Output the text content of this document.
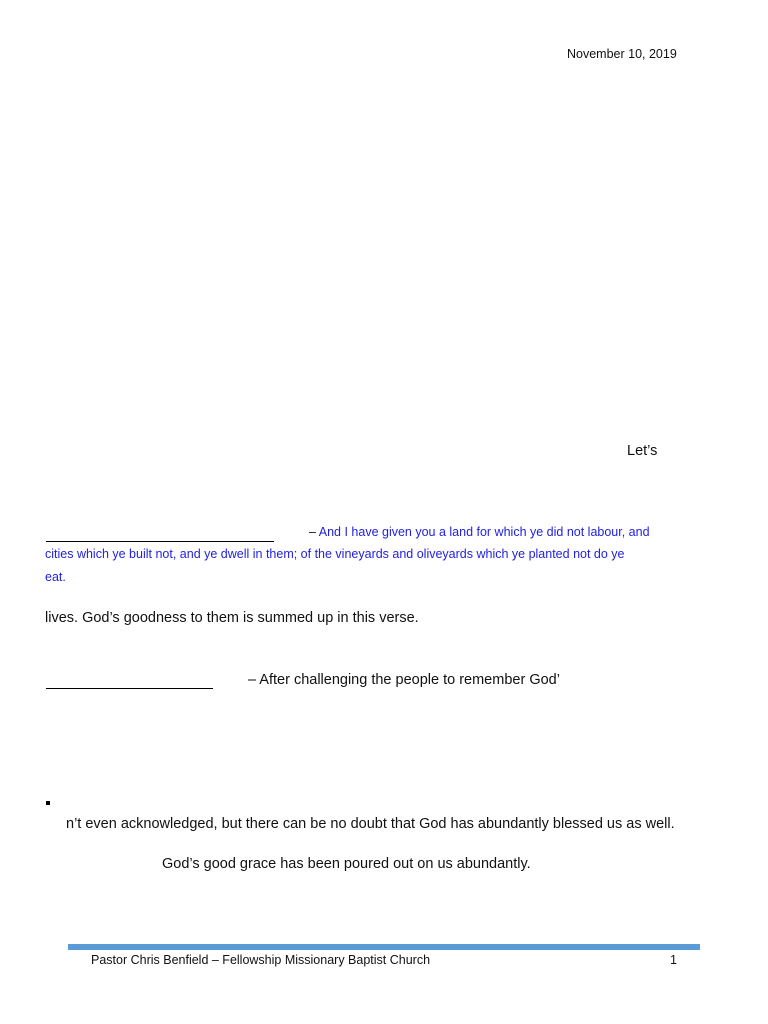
November 10, 2019
Let’s
– And I have given you a land for which ye did not labour, and
cities which ye built not, and ye dwell in them; of the vineyards and oliveyards which ye planted not do ye
eat.
lives. God’s goodness to them is summed up in this verse.
– After challenging the people to remember God’
n’t even acknowledged, but there can be no doubt that God has abundantly blessed us as well.
God’s good grace has been poured out on us abundantly.
Pastor Chris Benfield – Fellowship Missionary Baptist Church	1
